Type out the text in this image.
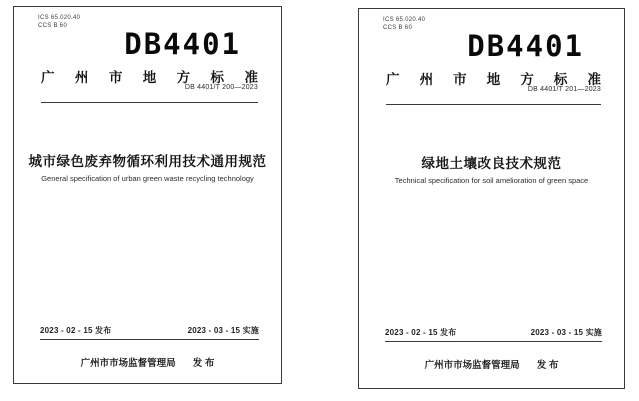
ICS 65.020.40
CCS B 60
DB4401
广 州 市 地 方 标 准
DB 4401/T 200—2023
城市绿色废弃物循环利用技术通用规范
General specification of urban green waste recycling technology
2023 - 02 - 15 发布	2023 - 03 - 15 实施
广州市市场监督管理局 发 布
ICS 65.020.40
CCS B 60
DB4401
广 州 市 地 方 标 准
DB 4401/T 201—2023
绿地土壤改良技术规范
Technical specification for soil amelioration of green space
2023 - 02 - 15 发布	2023 - 03 - 15 实施
广州市市场监督管理局 发 布
